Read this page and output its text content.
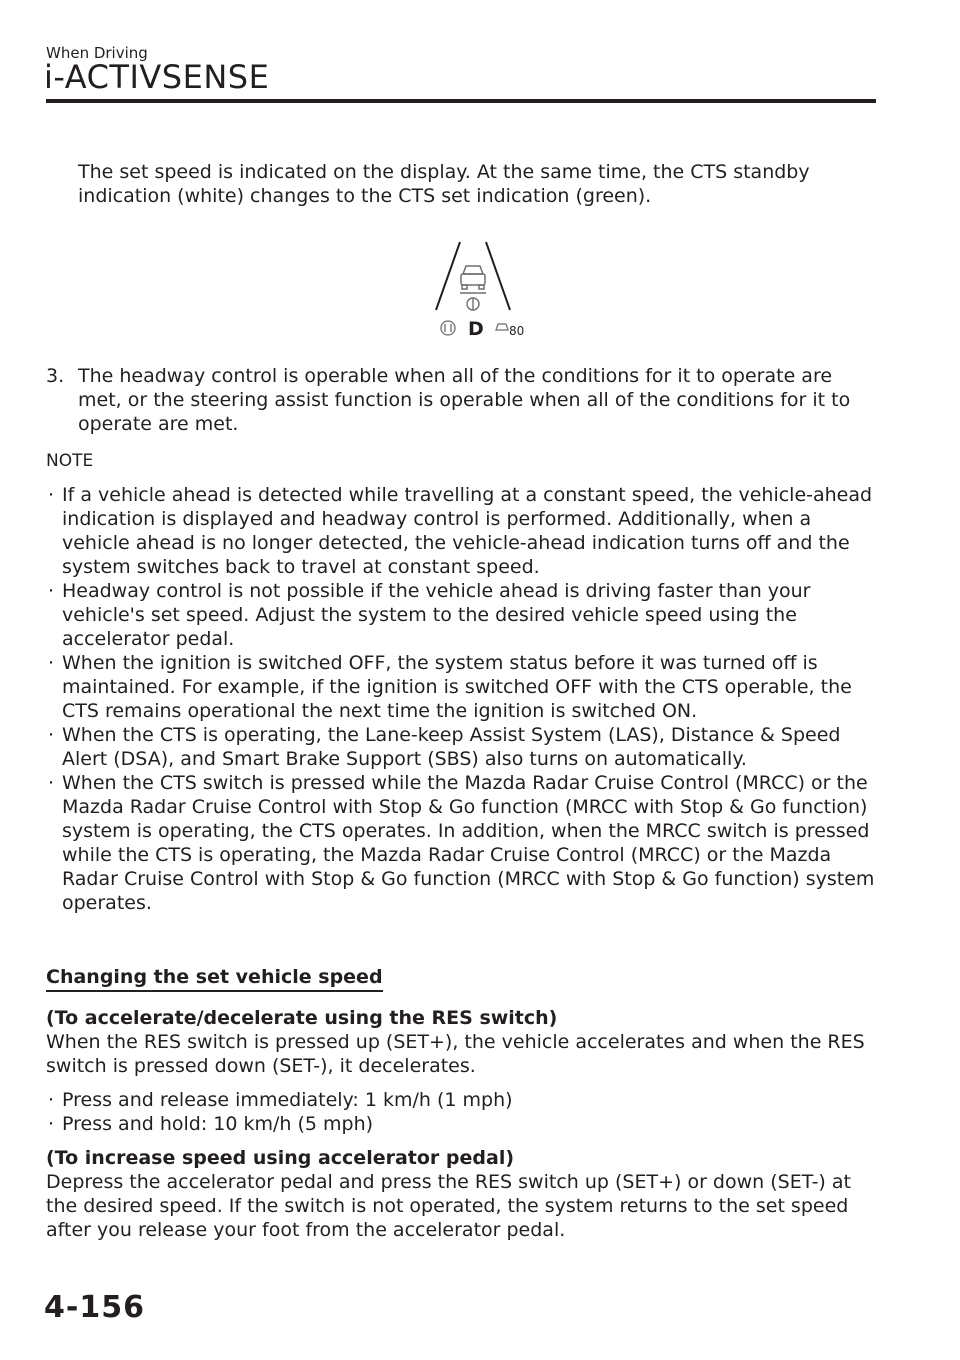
When Driving
i-ACTIVSENSE
The set speed is indicated on the display. At the same time, the CTS standby indication (white) changes to the CTS set indication (green).
D 80
3. The headway control is operable when all of the conditions for it to operate are met, or the steering assist function is operable when all of the conditions for it to operate are met.

NOTE
· If a vehicle ahead is detected while travelling at a constant speed, the vehicle-ahead indication is displayed and headway control is performed. Additionally, when a vehicle ahead is no longer detected, the vehicle-ahead indication turns off and the system switches back to travel at constant speed.
· Headway control is not possible if the vehicle ahead is driving faster than your vehicle's set speed. Adjust the system to the desired vehicle speed using the accelerator pedal.
· When the ignition is switched OFF, the system status before it was turned off is maintained. For example, if the ignition is switched OFF with the CTS operable, the CTS remains operational the next time the ignition is switched ON.
· When the CTS is operating, the Lane-keep Assist System (LAS), Distance & Speed Alert (DSA), and Smart Brake Support (SBS) also turns on automatically.
· When the CTS switch is pressed while the Mazda Radar Cruise Control (MRCC) or the Mazda Radar Cruise Control with Stop & Go function (MRCC with Stop & Go function) system is operating, the CTS operates. In addition, when the MRCC switch is pressed while the CTS is operating, the Mazda Radar Cruise Control (MRCC) or the Mazda Radar Cruise Control with Stop & Go function (MRCC with Stop & Go function) system operates.
Changing the set vehicle speed
(To accelerate/decelerate using the RES switch)
When the RES switch is pressed up (SET+), the vehicle accelerates and when the RES switch is pressed down (SET-), it decelerates.
· Press and release immediately: 1 km/h (1 mph)
· Press and hold: 10 km/h (5 mph)
(To increase speed using accelerator pedal)
Depress the accelerator pedal and press the RES switch up (SET+) or down (SET-) at the desired speed. If the switch is not operated, the system returns to the set speed after you release your foot from the accelerator pedal.
4-156
